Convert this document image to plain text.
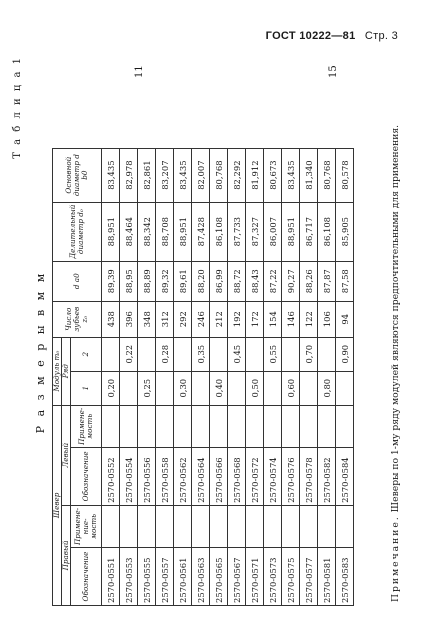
ГОСТ 10222—81 Стр. 3
Т а б л и ц а 1
Р а з м е р ы в м м
Шевер				Модуль m₀		Число зубьев z₀	d a0	Делительный диаметр d₀	Основной диаметр d b0
Правый		Левый		Ряд					
Обозначение	Примене-ние-мость	Обозначение	Примене-мость	1	2				
2570-0551		2570-0552		0,20		438	89,39	88,951	83,435
2570-0553		2570-0554			0,22	396	88,95	88,464	82,978
2570-0555		2570-0556		0,25		348	88,89	88,342	82,861
2570-0557		2570-0558			0,28	312	89,32	88,708	83,207
2570-0561		2570-0562		0,30		292	89,61	88,951	83,435
2570-0563		2570-0564			0,35	246	88,20	87,428	82,007
2570-0565		2570-0566		0,40		212	86,99	86,108	80,768
2570-0567		2570-0568			0,45	192	88,72	87,733	82,292
2570-0571		2570-0572		0,50		172	88,43	87,327	81,912
2570-0573		2570-0574			0,55	154	87,22	86,007	80,673
2570-0575		2570-0576		0,60		146	90,27	88,951	83,435
2570-0577		2570-0578			0,70	122	88,26	86,717	81,340
2570-0581		2570-0582		0,80		106	87,87	86,108	80,768
2570-0583		2570-0584			0,90	94	87,58	85,905	80,578
11	15
Примечание. Шеверы по 1-му ряду модулей являются предпочтительными для применения.
